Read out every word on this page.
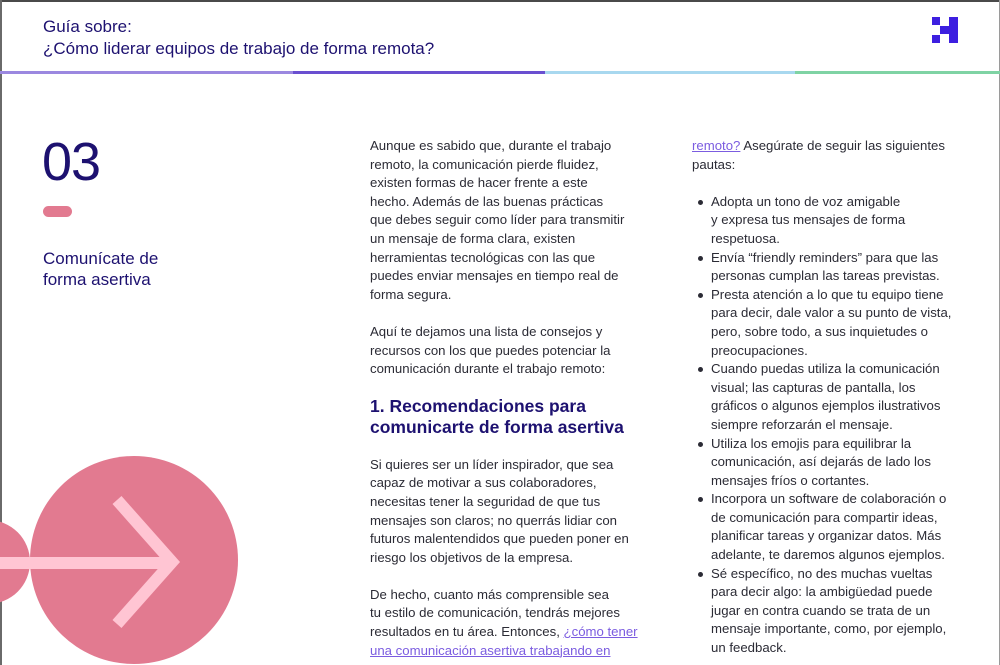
Guía sobre:
¿Cómo liderar equipos de trabajo de forma remota?
03
Comunícate de
forma asertiva

Aunque es sabido que, durante el trabajo
remoto, la comunicación pierde fluidez,
existen formas de hacer frente a este
hecho. Además de las buenas prácticas
que debes seguir como líder para transmitir
un mensaje de forma clara, existen
herramientas tecnológicas con las que
puedes enviar mensajes en tiempo real de
forma segura.

Aquí te dejamos una lista de consejos y
recursos con los que puedes potenciar la
comunicación durante el trabajo remoto:

1. Recomendaciones para
comunicarte de forma asertiva

Si quieres ser un líder inspirador, que sea
capaz de motivar a sus colaboradores,
necesitas tener la seguridad de que tus
mensajes son claros; no querrás lidiar con
futuros malentendidos que pueden poner en
riesgo los objetivos de la empresa.

De hecho, cuanto más comprensible sea
tu estilo de comunicación, tendrás mejores
resultados en tu área. Entonces, ¿cómo tener
una comunicación asertiva trabajando en

remoto? Asegúrate de seguir las siguientes
pautas:

Adopta un tono de voz amigable
y expresa tus mensajes de forma
respetuosa.
Envía “friendly reminders” para que las
personas cumplan las tareas previstas.
Presta atención a lo que tu equipo tiene
para decir, dale valor a su punto de vista,
pero, sobre todo, a sus inquietudes o
preocupaciones.
Cuando puedas utiliza la comunicación
visual; las capturas de pantalla, los
gráficos o algunos ejemplos ilustrativos
siempre reforzarán el mensaje.
Utiliza los emojis para equilibrar la
comunicación, así dejarás de lado los
mensajes fríos o cortantes.
Incorpora un software de colaboración o
de comunicación para compartir ideas,
planificar tareas y organizar datos. Más
adelante, te daremos algunos ejemplos.
Sé específico, no des muchas vueltas
para decir algo: la ambigüedad puede
jugar en contra cuando se trata de un
mensaje importante, como, por ejemplo,
un feedback.
